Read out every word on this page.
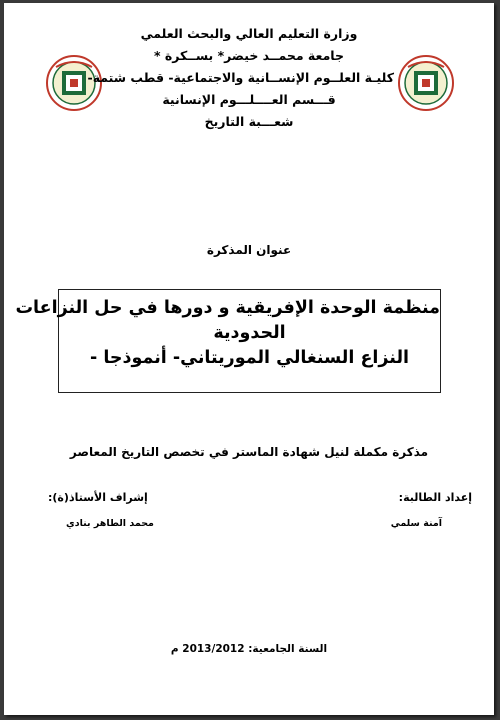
وزارة التعليم العالي والبحث العلمي
جامعة محمــد خيضر* بســكرة *
كليـة العلــوم الإنســانية والاجتماعية- قطب شتمة-
قـــسم العــــلـــوم الإنسانية
شعـــبة التاريخ
عنوان المذكرة
منظمة الوحدة الإفريقية و دورها في حل النزاعات
الحدودية
النزاع السنغالي الموريتاني- أنموذجا -
مذكرة مكملة لنيل شهادة الماستر في تخصص التاريخ المعاصر
إعداد الطالبة:
آمنة سلمي
إشراف الأستاذ(ة):
محمد الطاهر بنادي
السنة الجامعية: 2013/2012 م
